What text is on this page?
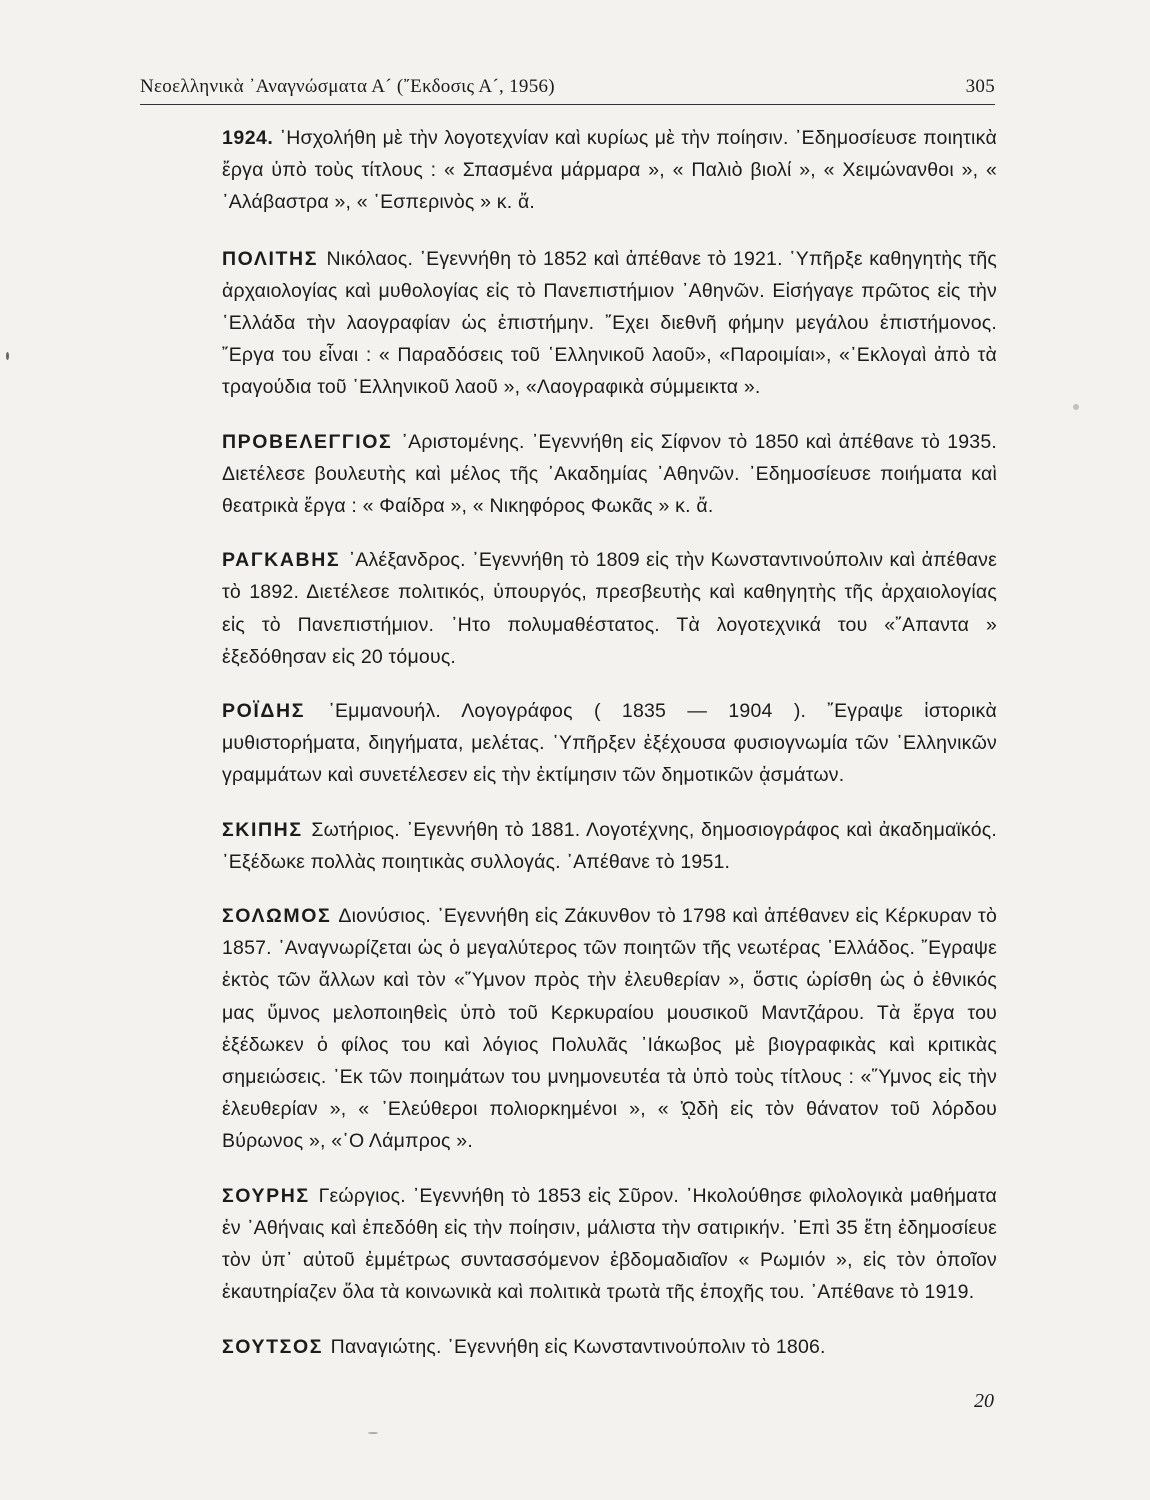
Νεοελληνικὰ ᾿Αναγνώσματα Α´ (῎Εκδοσις Α´, 1956)	305

1924. ᾿Ησχολήθη μὲ τὴν λογοτεχνίαν καὶ κυρίως μὲ τὴν ποίησιν. ᾿Εδημοσίευσε ποιητικὰ ἔργα ὑπὸ τοὺς τίτλους : « Σπασμένα μάρμαρα », « Παλιὸ βιολί », « Χειμώνανθοι », « ᾿Αλάβαστρα », « ῾Εσπερινὸς » κ. ἄ.

ΠΟΛΙΤΗΣ Νικόλαος. ᾿Εγεννήθη τὸ 1852 καὶ ἀπέθανε τὸ 1921. ῾Υπῆρξε καθηγητὴς τῆς ἀρχαιολογίας καὶ μυθολογίας εἰς τὸ Πανεπιστήμιον ᾿Αθηνῶν. Εἰσήγαγε πρῶτος εἰς τὴν ῾Ελλάδα τὴν λαογραφίαν ὡς ἐπιστήμην. ῎Εχει διεθνῆ φήμην μεγάλου ἐπιστήμονος. ῎Εργα του εἶναι : « Παραδόσεις τοῦ ῾Ελληνικοῦ λαοῦ», «Παροιμίαι», «᾿Εκλογαὶ ἀπὸ τὰ τραγούδια τοῦ ῾Ελληνικοῦ λαοῦ », «Λαογραφικὰ σύμμεικτα ».

ΠΡΟΒΕΛΕΓΓΙΟΣ ᾿Αριστομένης. ᾿Εγεννήθη εἰς Σίφνον τὸ 1850 καὶ ἀπέθανε τὸ 1935. Διετέλεσε βουλευτὴς καὶ μέλος τῆς ᾿Ακαδημίας ᾿Αθηνῶν. ᾿Εδημοσίευσε ποιήματα καὶ θεατρικὰ ἔργα : « Φαίδρα », « Νικηφόρος Φωκᾶς » κ. ἄ.

ΡΑΓΚΑΒΗΣ ᾿Αλέξανδρος. ᾿Εγεννήθη τὸ 1809 εἰς τὴν Κωνσταντινούπολιν καὶ ἀπέθανε τὸ 1892. Διετέλεσε πολιτικός, ὑπουργός, πρεσβευτὴς καὶ καθηγητὴς τῆς ἀρχαιολογίας εἰς τὸ Πανεπιστήμιον. ᾿Ητο πολυμαθέστατος. Τὰ λογοτεχνικά του «῎Απαντα » ἐξεδόθησαν εἰς 20 τόμους.

ΡΟΪΔΗΣ ᾿Εμμανουήλ. Λογογράφος ( 1835 — 1904 ). ῎Εγραψε ἱστορικὰ μυθιστορήματα, διηγήματα, μελέτας. ῾Υπῆρξεν ἐξέχουσα φυσιογνωμία τῶν ῾Ελληνικῶν γραμμάτων καὶ συνετέλεσεν εἰς τὴν ἐκτίμησιν τῶν δημοτικῶν ᾀσμάτων.

ΣΚΙΠΗΣ Σωτήριος. ᾿Εγεννήθη τὸ 1881. Λογοτέχνης, δημοσιογράφος καὶ ἀκαδημαϊκός. ᾿Εξέδωκε πολλὰς ποιητικὰς συλλογάς. ᾿Απέθανε τὸ 1951.

ΣΟΛΩΜΟΣ Διονύσιος. ᾿Εγεννήθη εἰς Ζάκυνθον τὸ 1798 καὶ ἀπέθανεν εἰς Κέρκυραν τὸ 1857. ᾿Αναγνωρίζεται ὡς ὁ μεγαλύτερος τῶν ποιητῶν τῆς νεωτέρας ῾Ελλάδος. ῎Εγραψε ἐκτὸς τῶν ἄλλων καὶ τὸν «῞Υμνον πρὸς τὴν ἐλευθερίαν », ὅστις ὡρίσθη ὡς ὁ ἐθνικός μας ὕμνος μελοποιηθεὶς ὑπὸ τοῦ Κερκυραίου μουσικοῦ Μαντζάρου. Τὰ ἔργα του ἐξέδωκεν ὁ φίλος του καὶ λόγιος Πολυλᾶς ᾿Ιάκωβος μὲ βιογραφικὰς καὶ κριτικὰς σημειώσεις. ᾿Εκ τῶν ποιημάτων του μνημονευτέα τὰ ὑπὸ τοὺς τίτλους : «῞Υμνος εἰς τὴν ἐλευθερίαν », « ᾿Ελεύθεροι πολιορκημένοι », « ᾨδὴ εἰς τὸν θάνατον τοῦ λόρδου Βύρωνος », «῾Ο Λάμπρος ».

ΣΟΥΡΗΣ Γεώργιος. ᾿Εγεννήθη τὸ 1853 εἰς Σῦρον. ᾿Ηκολούθησε φιλολογικὰ μαθήματα ἐν ᾿Αθήναις καὶ ἐπεδόθη εἰς τὴν ποίησιν, μάλιστα τὴν σατιρικήν. ᾿Επὶ 35 ἔτη ἐδημοσίευε τὸν ὑπ᾿ αὐτοῦ ἐμμέτρως συντασσόμενον ἑβδομαδιαῖον « Ρωμιόν », εἰς τὸν ὁποῖον ἐκαυτηρίαζεν ὅλα τὰ κοινωνικὰ καὶ πολιτικὰ τρωτὰ τῆς ἐποχῆς του. ᾿Απέθανε τὸ 1919.

ΣΟΥΤΣΟΣ Παναγιώτης. ᾿Εγεννήθη εἰς Κωνσταντινούπολιν τὸ 1806.

20
